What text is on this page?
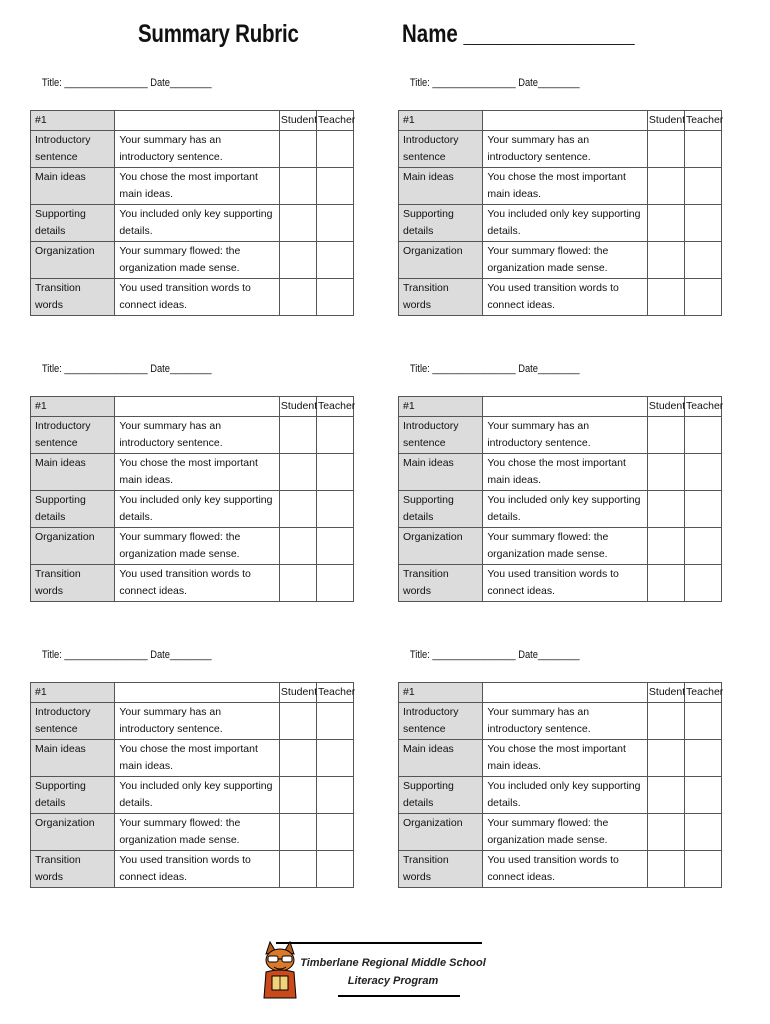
Summary Rubric	Name _______________
Title: ________________ Date________
#1		Student	Teacher
Introductory sentence	Your summary has an introductory sentence.		
Main ideas	You chose the most important main ideas.		
Supporting details	You included only key supporting details.		
Organization	Your summary flowed: the organization made sense.		
Transition words	You used transition words to connect ideas.		
Title: ________________ Date________
#1		Student	Teacher
Introductory sentence	Your summary has an introductory sentence.		
Main ideas	You chose the most important main ideas.		
Supporting details	You included only key supporting details.		
Organization	Your summary flowed: the organization made sense.		
Transition words	You used transition words to connect ideas.		
Title: ________________ Date________
#1		Student	Teacher
Introductory sentence	Your summary has an introductory sentence.		
Main ideas	You chose the most important main ideas.		
Supporting details	You included only key supporting details.		
Organization	Your summary flowed: the organization made sense.		
Transition words	You used transition words to connect ideas.		
Title: ________________ Date________
#1		Student	Teacher
Introductory sentence	Your summary has an introductory sentence.		
Main ideas	You chose the most important main ideas.		
Supporting details	You included only key supporting details.		
Organization	Your summary flowed: the organization made sense.		
Transition words	You used transition words to connect ideas.		
Title: ________________ Date________
#1		Student	Teacher
Introductory sentence	Your summary has an introductory sentence.		
Main ideas	You chose the most important main ideas.		
Supporting details	You included only key supporting details.		
Organization	Your summary flowed: the organization made sense.		
Transition words	You used transition words to connect ideas.		
Title: ________________ Date________
#1		Student	Teacher
Introductory sentence	Your summary has an introductory sentence.		
Main ideas	You chose the most important main ideas.		
Supporting details	You included only key supporting details.		
Organization	Your summary flowed: the organization made sense.		
Transition words	You used transition words to connect ideas.		
Timberlane Regional Middle School
Literacy Program
